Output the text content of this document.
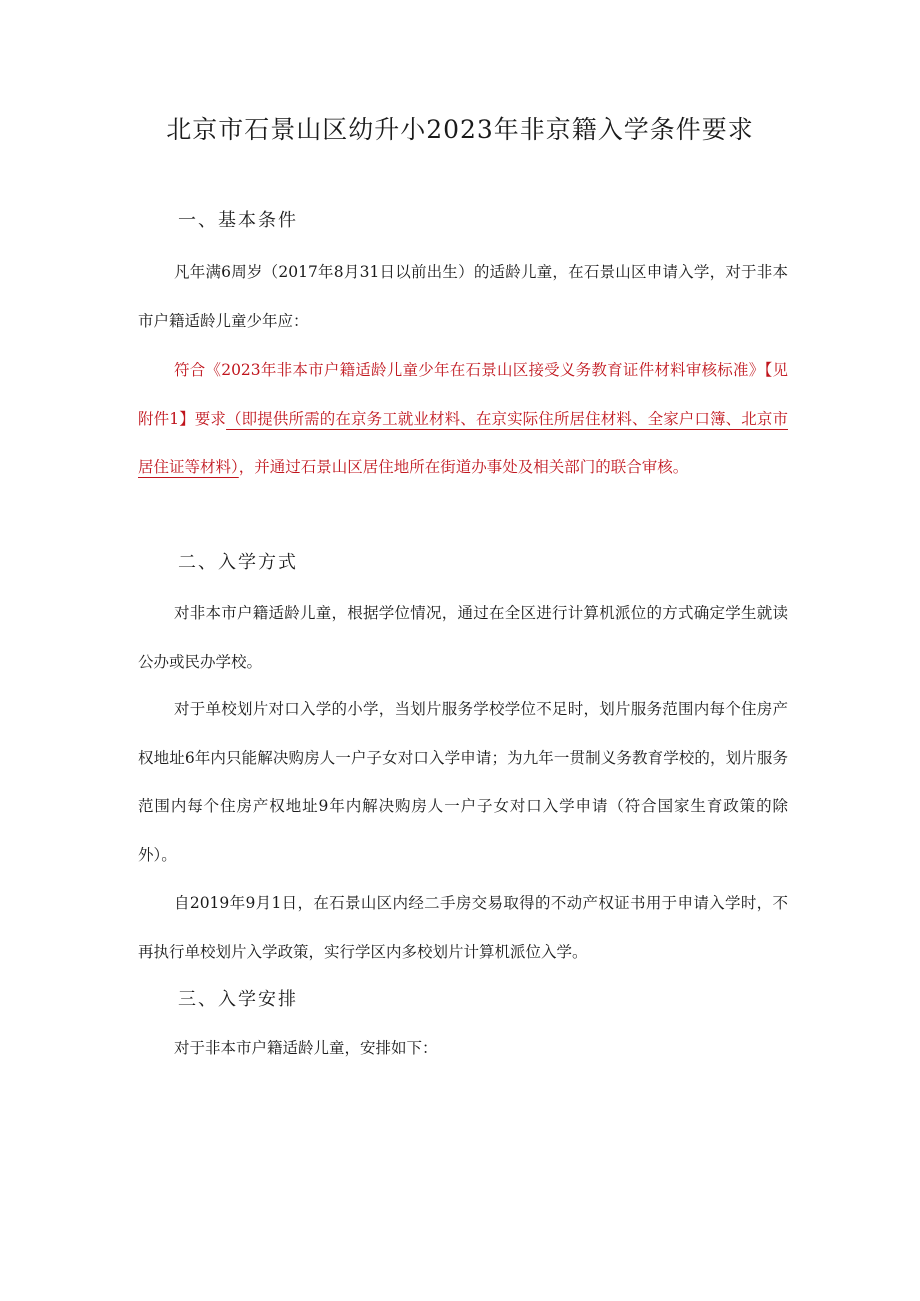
北京市石景山区幼升小2023年非京籍入学条件要求
一、基本条件

凡年满6周岁（2017年8月31日以前出生）的适龄儿童，在石景山区申请入学，对于非本市户籍适龄儿童少年应：

符合《2023年非本市户籍适龄儿童少年在石景山区接受义务教育证件材料审核标准》【见附件1】要求（即提供所需的在京务工就业材料、在京实际住所居住材料、全家户口簿、北京市居住证等材料），并通过石景山区居住地所在街道办事处及相关部门的联合审核。

二、入学方式

对非本市户籍适龄儿童，根据学位情况，通过在全区进行计算机派位的方式确定学生就读公办或民办学校。

对于单校划片对口入学的小学，当划片服务学校学位不足时，划片服务范围内每个住房产权地址6年内只能解决购房人一户子女对口入学申请；为九年一贯制义务教育学校的，划片服务范围内每个住房产权地址9年内解决购房人一户子女对口入学申请（符合国家生育政策的除外）。

自2019年9月1日，在石景山区内经二手房交易取得的不动产权证书用于申请入学时，不再执行单校划片入学政策，实行学区内多校划片计算机派位入学。

三、入学安排

对于非本市户籍适龄儿童，安排如下：
